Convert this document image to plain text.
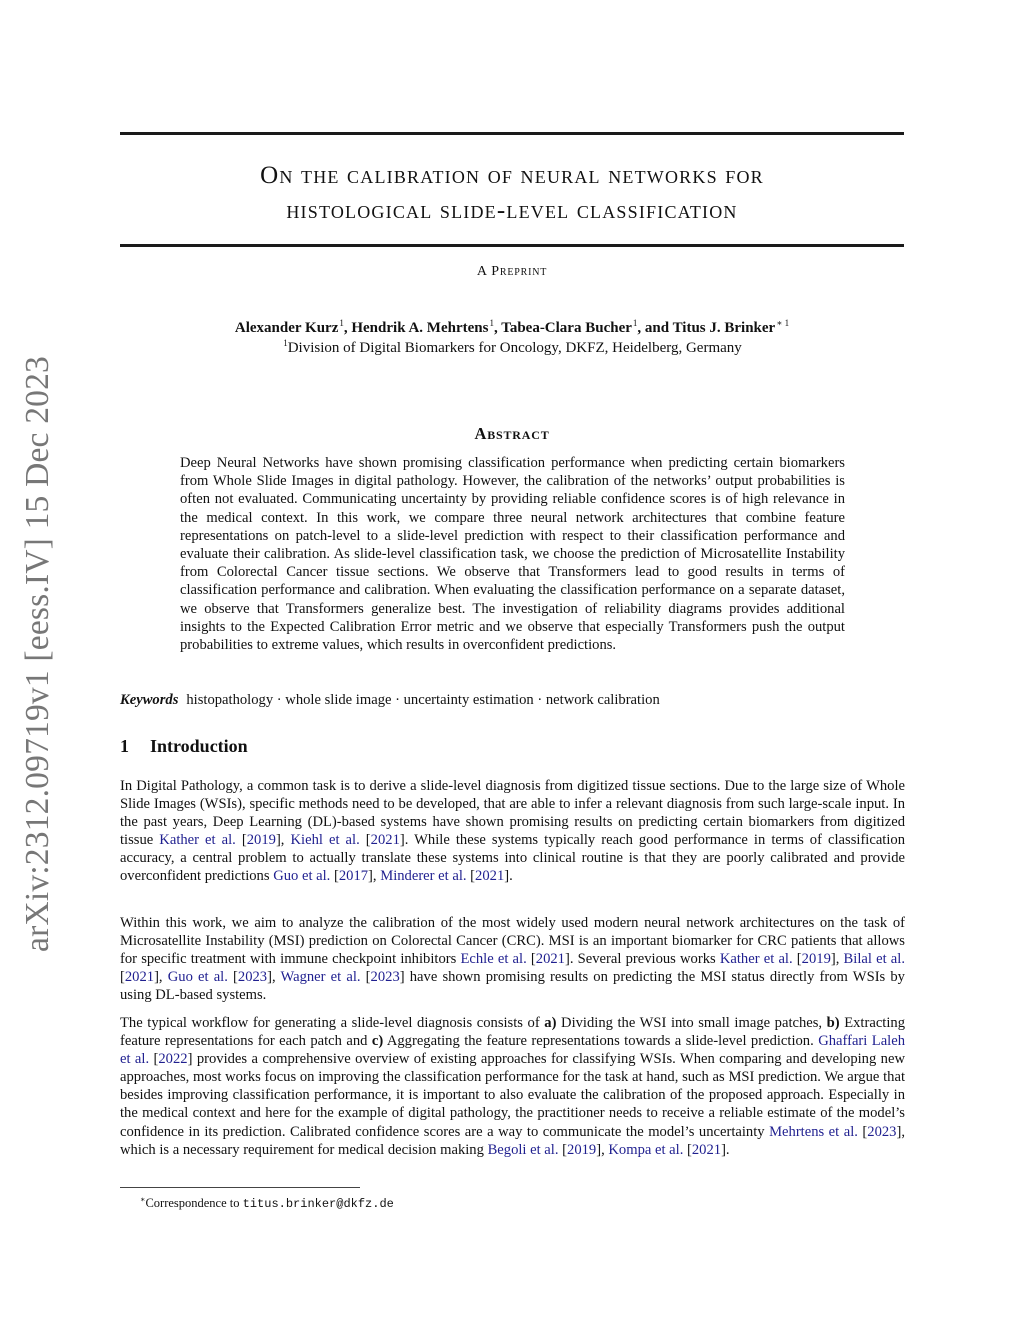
arXiv:2312.09719v1 [eess.IV] 15 Dec 2023
On the calibration of neural networks for
histological slide-level classification
A Preprint
Alexander Kurz$^1$, Hendrik A. Mehrtens$^1$, Tabea-Clara Bucher$^1$, and Titus J. Brinker$^{∗ 1}$
$^1$Division of Digital Biomarkers for Oncology, DKFZ, Heidelberg, Germany
Abstract

Deep Neural Networks have shown promising classification performance when predicting certain biomarkers from Whole Slide Images in digital pathology. However, the calibration of the networks’ output probabilities is often not evaluated. Communicating uncertainty by providing reliable confidence scores is of high relevance in the medical context. In this work, we compare three neural network architectures that combine feature representations on patch-level to a slide-level prediction with respect to their classification performance and evaluate their calibration. As slide-level classification task, we choose the prediction of Microsatellite Instability from Colorectal Cancer tissue sections. We observe that Transformers lead to good results in terms of classification performance and calibration. When evaluating the classification performance on a separate dataset, we observe that Transformers generalize best. The investigation of reliability diagrams provides additional insights to the Expected Calibration Error metric and we observe that especially Transformers push the output probabilities to extreme values, which results in overconfident predictions.

Keywords histopathology · whole slide image · uncertainty estimation · network calibration
1 Introduction

In Digital Pathology, a common task is to derive a slide-level diagnosis from digitized tissue sections. Due to the large size of Whole Slide Images (WSIs), specific methods need to be developed, that are able to infer a relevant diagnosis from such large-scale input. In the past years, Deep Learning (DL)-based systems have shown promising results on predicting certain biomarkers from digitized tissue Kather et al. [2019], Kiehl et al. [2021]. While these systems typically reach good performance in terms of classification accuracy, a central problem to actually translate these systems into clinical routine is that they are poorly calibrated and provide overconfident predictions Guo et al. [2017], Minderer et al. [2021].

Within this work, we aim to analyze the calibration of the most widely used modern neural network architectures on the task of Microsatellite Instability (MSI) prediction on Colorectal Cancer (CRC). MSI is an important biomarker for CRC patients that allows for specific treatment with immune checkpoint inhibitors Echle et al. [2021]. Several previous works Kather et al. [2019], Bilal et al. [2021], Guo et al. [2023], Wagner et al. [2023] have shown promising results on predicting the MSI status directly from WSIs by using DL-based systems.

The typical workflow for generating a slide-level diagnosis consists of a) Dividing the WSI into small image patches, b) Extracting feature representations for each patch and c) Aggregating the feature representations towards a slide-level prediction. Ghaffari Laleh et al. [2022] provides a comprehensive overview of existing approaches for classifying WSIs. When comparing and developing new approaches, most works focus on improving the classification performance for the task at hand, such as MSI prediction. We argue that besides improving classification performance, it is important to also evaluate the calibration of the proposed approach. Especially in the medical context and here for the example of digital pathology, the practitioner needs to receive a reliable estimate of the model’s confidence in its prediction. Calibrated confidence scores are a way to communicate the model’s uncertainty Mehrtens et al. [2023], which is a necessary requirement for medical decision making Begoli et al. [2019], Kompa et al. [2021].

∗Correspondence to titus.brinker@dkfz.de
